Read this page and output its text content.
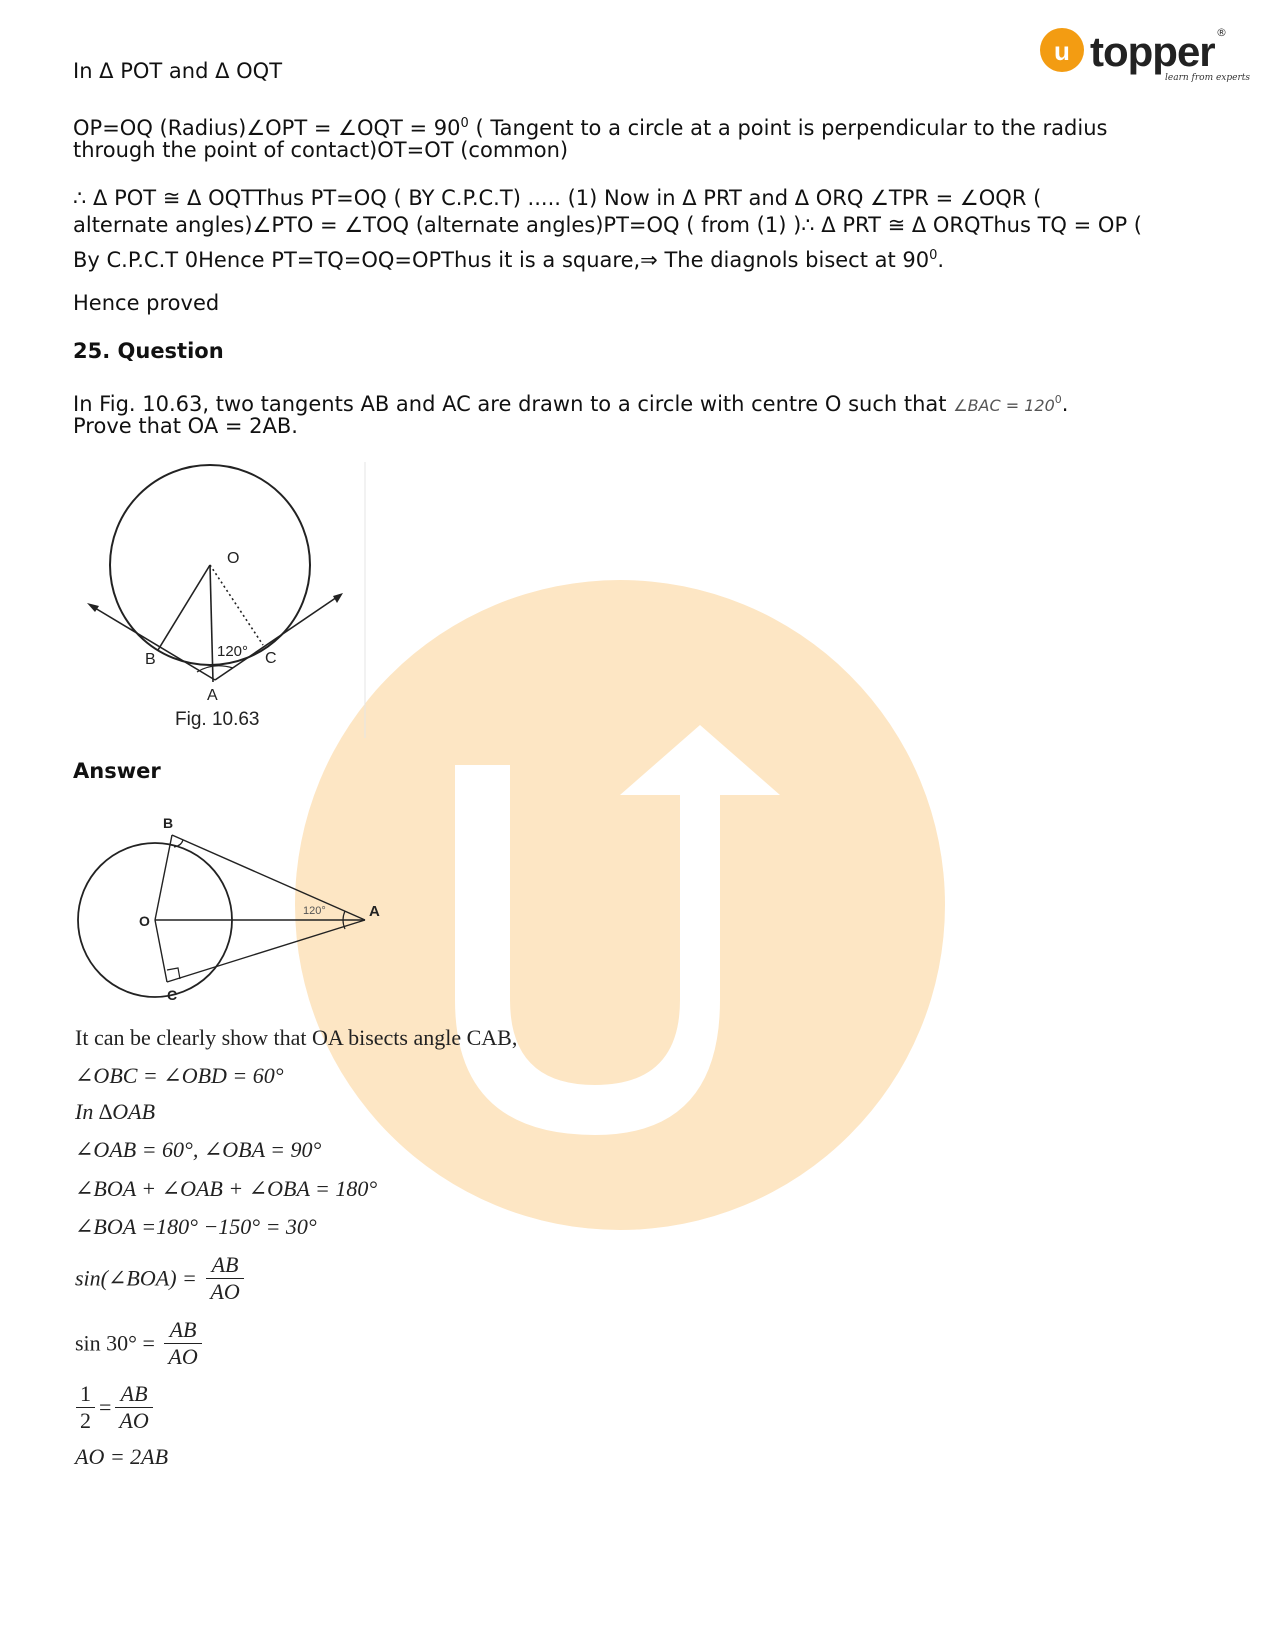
u topper
learn from experts
®
In Δ POT and Δ OQT
OP=OQ (Radius)∠OPT = ∠OQT = $90^0$ ( Tangent to a circle at a point is perpendicular to the radius
through the point of contact)OT=OT (common)
∴ Δ POT ≅ Δ OQTThus PT=OQ ( BY C.P.C.T) ..... (1) Now in Δ PRT and Δ ORQ ∠TPR = ∠OQR (
alternate angles)∠PTO = ∠TOQ (alternate angles)PT=OQ ( from (1) )∴ Δ PRT ≅ Δ ORQThus TQ = OP (
By C.P.C.T 0Hence PT=TQ=OQ=OPThus it is a square,⇒ The diagnols bisect at $90^0$.
Hence proved
25. Question
In Fig. 10.63, two tangents AB and AC are drawn to a circle with centre O such that ∠BAC = $120^0$.
Prove that OA = 2AB.
O
B	C
A
120°
Fig. 10.63
Answer
B
O
C
A
120°
It can be clearly show that OA bisects angle CAB,
∠OBC = ∠OBD = 60°
In ∆OAB
∠OAB = 60°, ∠OBA = 90°
∠BOA + ∠OAB + ∠OBA = 180°
∠BOA =180° −150° = 30°
sin(∠BOA) = $\frac{AB}{AO}$
$\sin 30^\circ = \frac{AB}{AO}$
$\frac{1}{2} = \frac{AB}{AO}$
AO = 2AB
